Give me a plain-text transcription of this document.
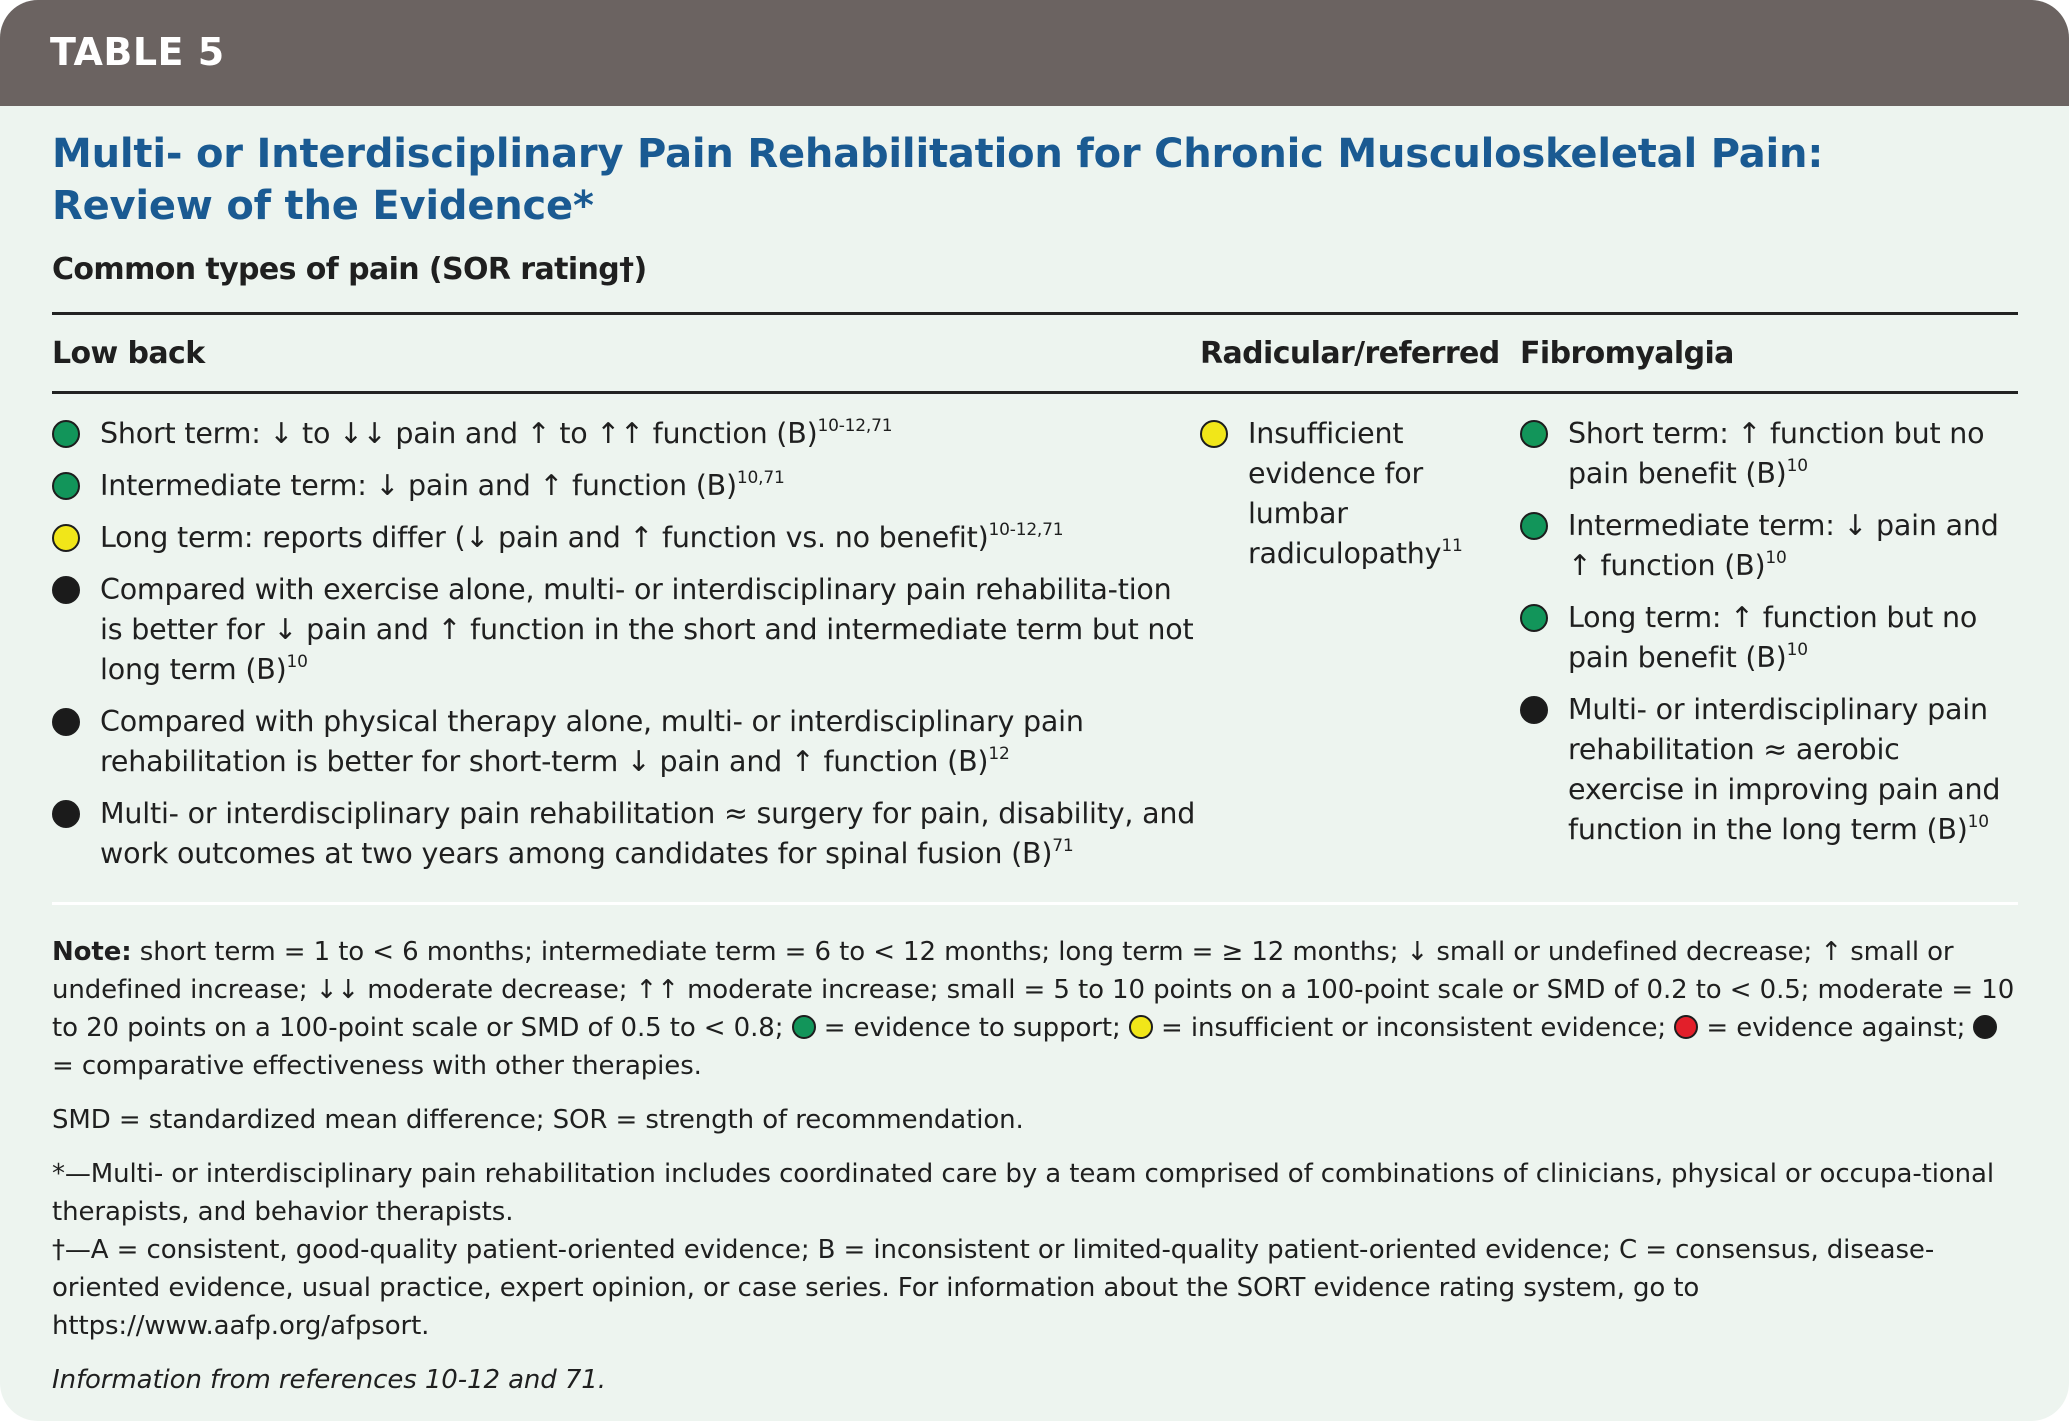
TABLE 5
Multi- or Interdisciplinary Pain Rehabilitation for Chronic Musculoskeletal Pain:
Review of the Evidence*
Common types of pain (SOR rating†)
Low back	Radicular/referred Fibromyalgia
Short term: ↓ to ↓↓ pain and ↑ to ↑↑ function $(B)^{10-12,71}$
Intermediate term: ↓ pain and ↑ function $(B)^{10,71}$
Long term: reports differ (↓ pain and ↑ function vs. no benefit)$^{10-12,71}$
Compared with exercise alone, multi- or interdisciplinary pain rehabilita-tion is better for ↓ pain and ↑ function in the short and intermediate term but not long term $(B)^{10}$
Compared with physical therapy alone, multi- or interdisciplinary pain rehabilitation is better for short-term ↓ pain and ↑ function $(B)^{12}$
Multi- or interdisciplinary pain rehabilitation ≈ surgery for pain, disability, and work outcomes at two years among candidates for spinal fusion $(B)^{71}$
Insufficient evidence for lumbar radiculopathy$^{11}$
Short term: ↑ function but no pain benefit $(B)^{10}$
Intermediate term: ↓ pain and ↑ function $(B)^{10}$
Long term: ↑ function but no pain benefit $(B)^{10}$
Multi- or interdisciplinary pain rehabilitation ≈ aerobic exercise in improving pain and function in the long term $(B)^{10}$

Note: short term = 1 to < 6 months; intermediate term = 6 to < 12 months; long term = ≥ 12 months; ↓ small or undefined decrease; ↑ small or undefined increase; ↓↓ moderate decrease; ↑↑ moderate increase; small = 5 to 10 points on a 100-point scale or SMD of 0.2 to < 0.5; moderate = 10 to 20 points on a 100-point scale or SMD of 0.5 to < 0.8;  = evidence to support;  = insufficient or inconsistent evidence;  = evidence against;  = comparative effectiveness with other therapies.

SMD = standardized mean difference; SOR = strength of recommendation.

*—Multi- or interdisciplinary pain rehabilitation includes coordinated care by a team comprised of combinations of clinicians, physical or occupa-tional therapists, and behavior therapists.

†—A = consistent, good-quality patient-oriented evidence; B = inconsistent or limited-quality patient-oriented evidence; C = consensus, disease-oriented evidence, usual practice, expert opinion, or case series. For information about the SORT evidence rating system, go to https://www.aafp.org/afpsort.

Information from references 10-12 and 71.
